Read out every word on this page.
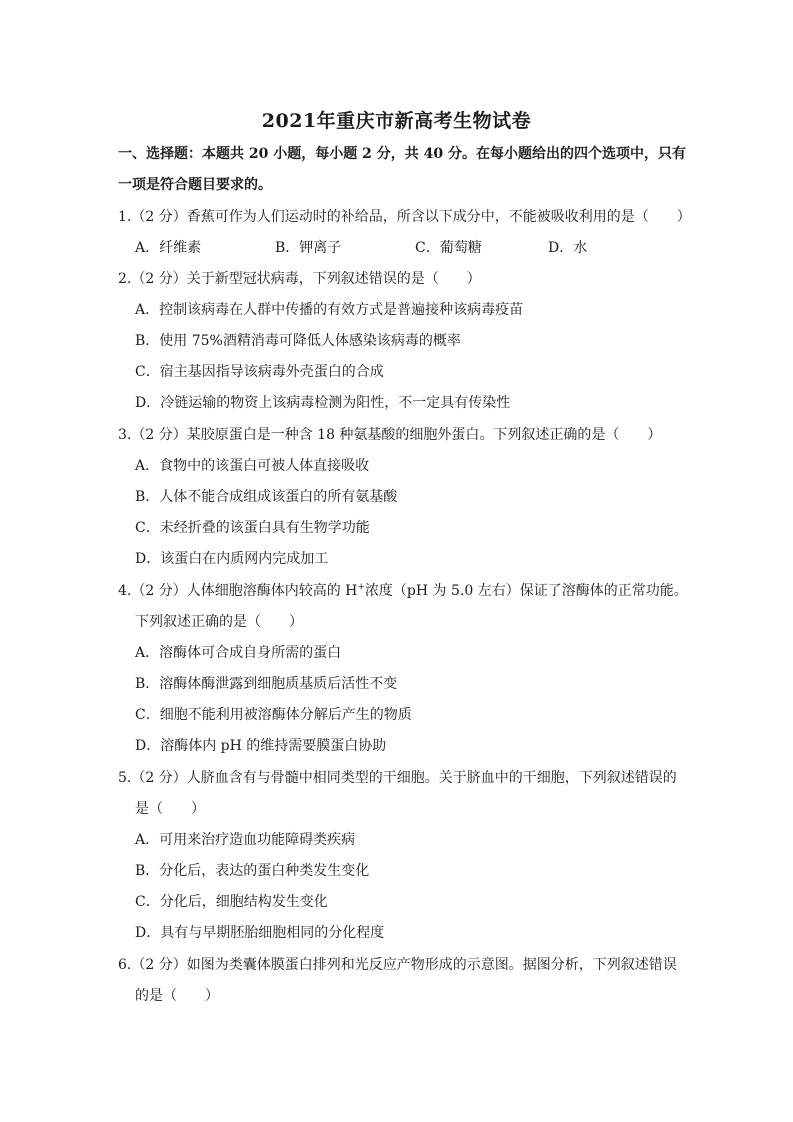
2021年重庆市新高考生物试卷
一、选择题：本题共 20 小题，每小题 2 分，共 40 分。在每小题给出的四个选项中，只有
一项是符合题目要求的。
1.（2 分）香蕉可作为人们运动时的补给品，所含以下成分中，不能被吸收利用的是（　　）
A．纤维素	B．钾离子	C．葡萄糖	D．水
2.（2 分）关于新型冠状病毒，下列叙述错误的是（　　）
A．控制该病毒在人群中传播的有效方式是普遍接种该病毒疫苗
B．使用 75%酒精消毒可降低人体感染该病毒的概率
C．宿主基因指导该病毒外壳蛋白的合成
D．冷链运输的物资上该病毒检测为阳性，不一定具有传染性
3.（2 分）某胶原蛋白是一种含 18 种氨基酸的细胞外蛋白。下列叙述正确的是（　　）
A．食物中的该蛋白可被人体直接吸收
B．人体不能合成组成该蛋白的所有氨基酸
C．未经折叠的该蛋白具有生物学功能
D．该蛋白在内质网内完成加工
4.（2 分）人体细胞溶酶体内较高的 H+浓度（pH 为 5.0 左右）保证了溶酶体的正常功能。
下列叙述正确的是（　　）
A．溶酶体可合成自身所需的蛋白
B．溶酶体酶泄露到细胞质基质后活性不变
C．细胞不能利用被溶酶体分解后产生的物质
D．溶酶体内 pH 的维持需要膜蛋白协助
5.（2 分）人脐血含有与骨髓中相同类型的干细胞。关于脐血中的干细胞，下列叙述错误的
是（　　）
A．可用来治疗造血功能障碍类疾病
B．分化后，表达的蛋白种类发生变化
C．分化后，细胞结构发生变化
D．具有与早期胚胎细胞相同的分化程度
6.（2 分）如图为类囊体膜蛋白排列和光反应产物形成的示意图。据图分析，下列叙述错误
的是（　　）
